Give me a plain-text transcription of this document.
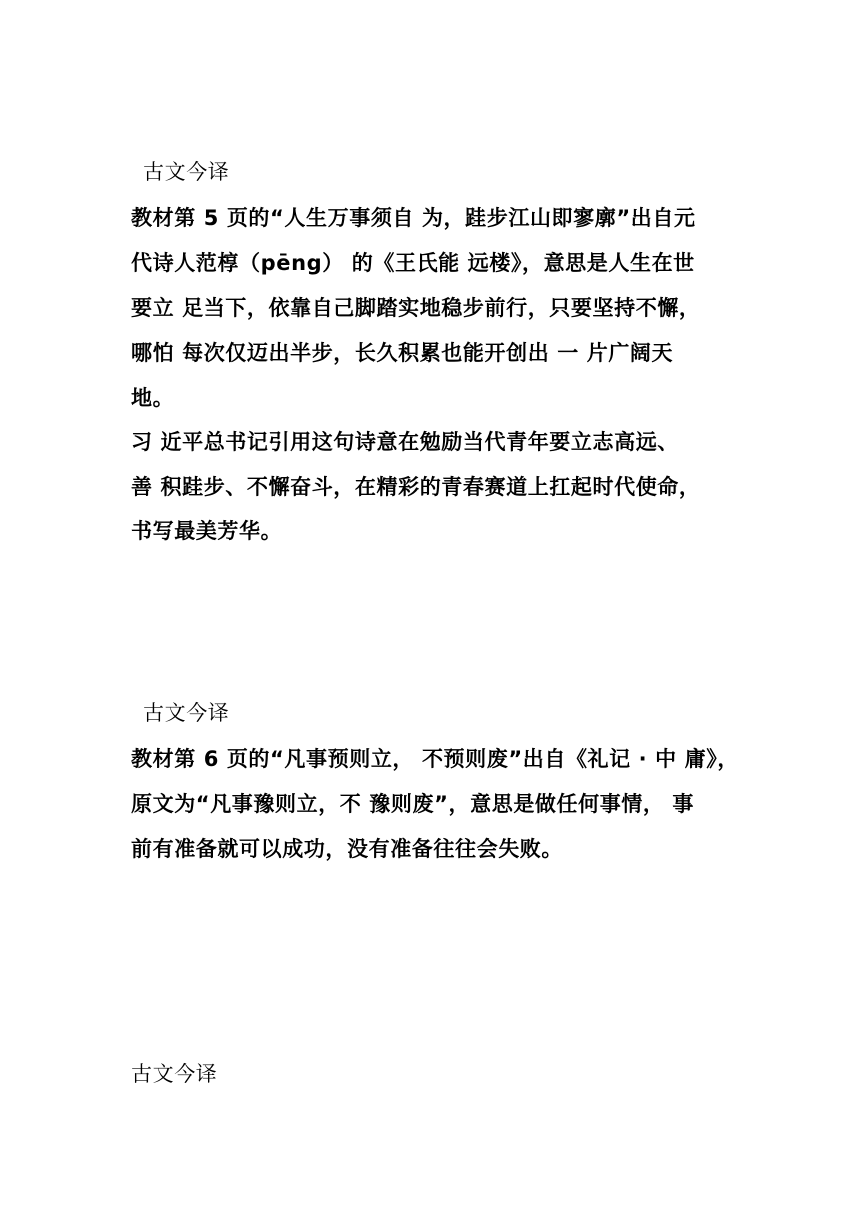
古文今译
教材第 5 页的“人生万事须自 为，跬步江山即寥廓”出自元
代诗人范椁（pēng） 的《王氏能 远楼》，意思是人生在世
要立 足当下，依靠自己脚踏实地稳步前行，只要坚持不懈，
哪怕 每次仅迈出半步，长久积累也能开创出 一 片广阔天
地。
习 近平总书记引用这句诗意在勉励当代青年要立志高远、
善 积跬步、不懈奋斗，在精彩的青春赛道上扛起时代使命，
书写最美芳华。
古文今译
教材第 6 页的“凡事预则立， 不预则废”出自《礼记 · 中 庸》，
原文为“凡事豫则立，不 豫则废”，意思是做任何事情， 事
前有准备就可以成功，没有准备往往会失败。
古文今译
